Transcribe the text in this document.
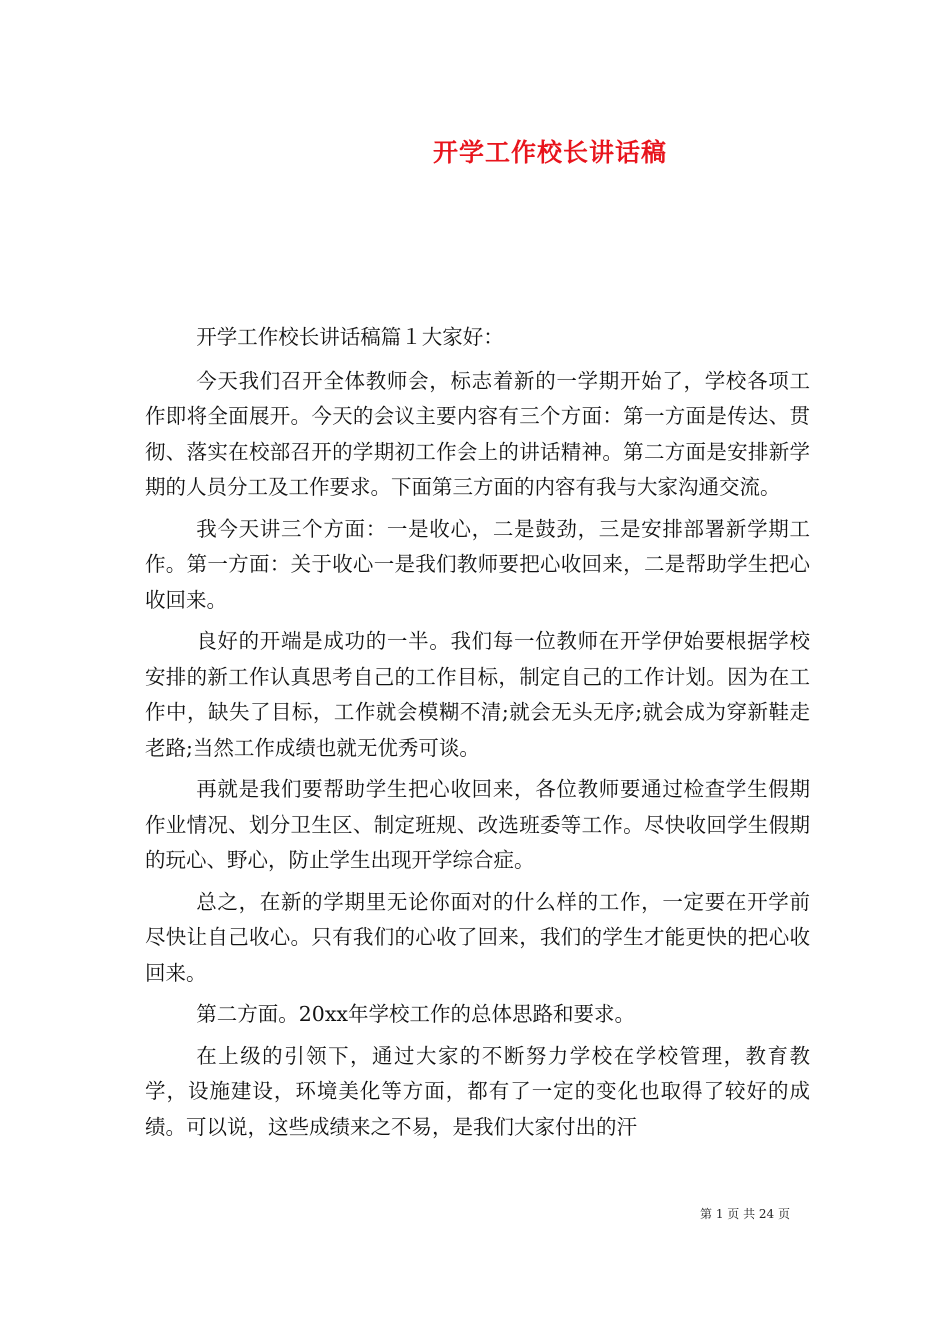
开学工作校长讲话稿

开学工作校长讲话稿篇１大家好：

今天我们召开全体教师会，标志着新的一学期开始了，学校各项工作即将全面展开。今天的会议主要内容有三个方面：第一方面是传达、贯彻、落实在校部召开的学期初工作会上的讲话精神。第二方面是安排新学期的人员分工及工作要求。下面第三方面的内容有我与大家沟通交流。

我今天讲三个方面：一是收心，二是鼓劲，三是安排部署新学期工作。第一方面：关于收心一是我们教师要把心收回来，二是帮助学生把心收回来。

良好的开端是成功的一半。我们每一位教师在开学伊始要根据学校安排的新工作认真思考自己的工作目标，制定自己的工作计划。因为在工作中，缺失了目标，工作就会模糊不清;就会无头无序;就会成为穿新鞋走老路;当然工作成绩也就无优秀可谈。

再就是我们要帮助学生把心收回来，各位教师要通过检查学生假期作业情况、划分卫生区、制定班规、改选班委等工作。尽快收回学生假期的玩心、野心，防止学生出现开学综合症。

总之，在新的学期里无论你面对的什么样的工作，一定要在开学前尽快让自己收心。只有我们的心收了回来，我们的学生才能更快的把心收回来。

第二方面。20xx年学校工作的总体思路和要求。

在上级的引领下，通过大家的不断努力学校在学校管理，教育教学，设施建设，环境美化等方面，都有了一定的变化也取得了较好的成绩。可以说，这些成绩来之不易，是我们大家付出的汗

第 1 页 共 24 页
